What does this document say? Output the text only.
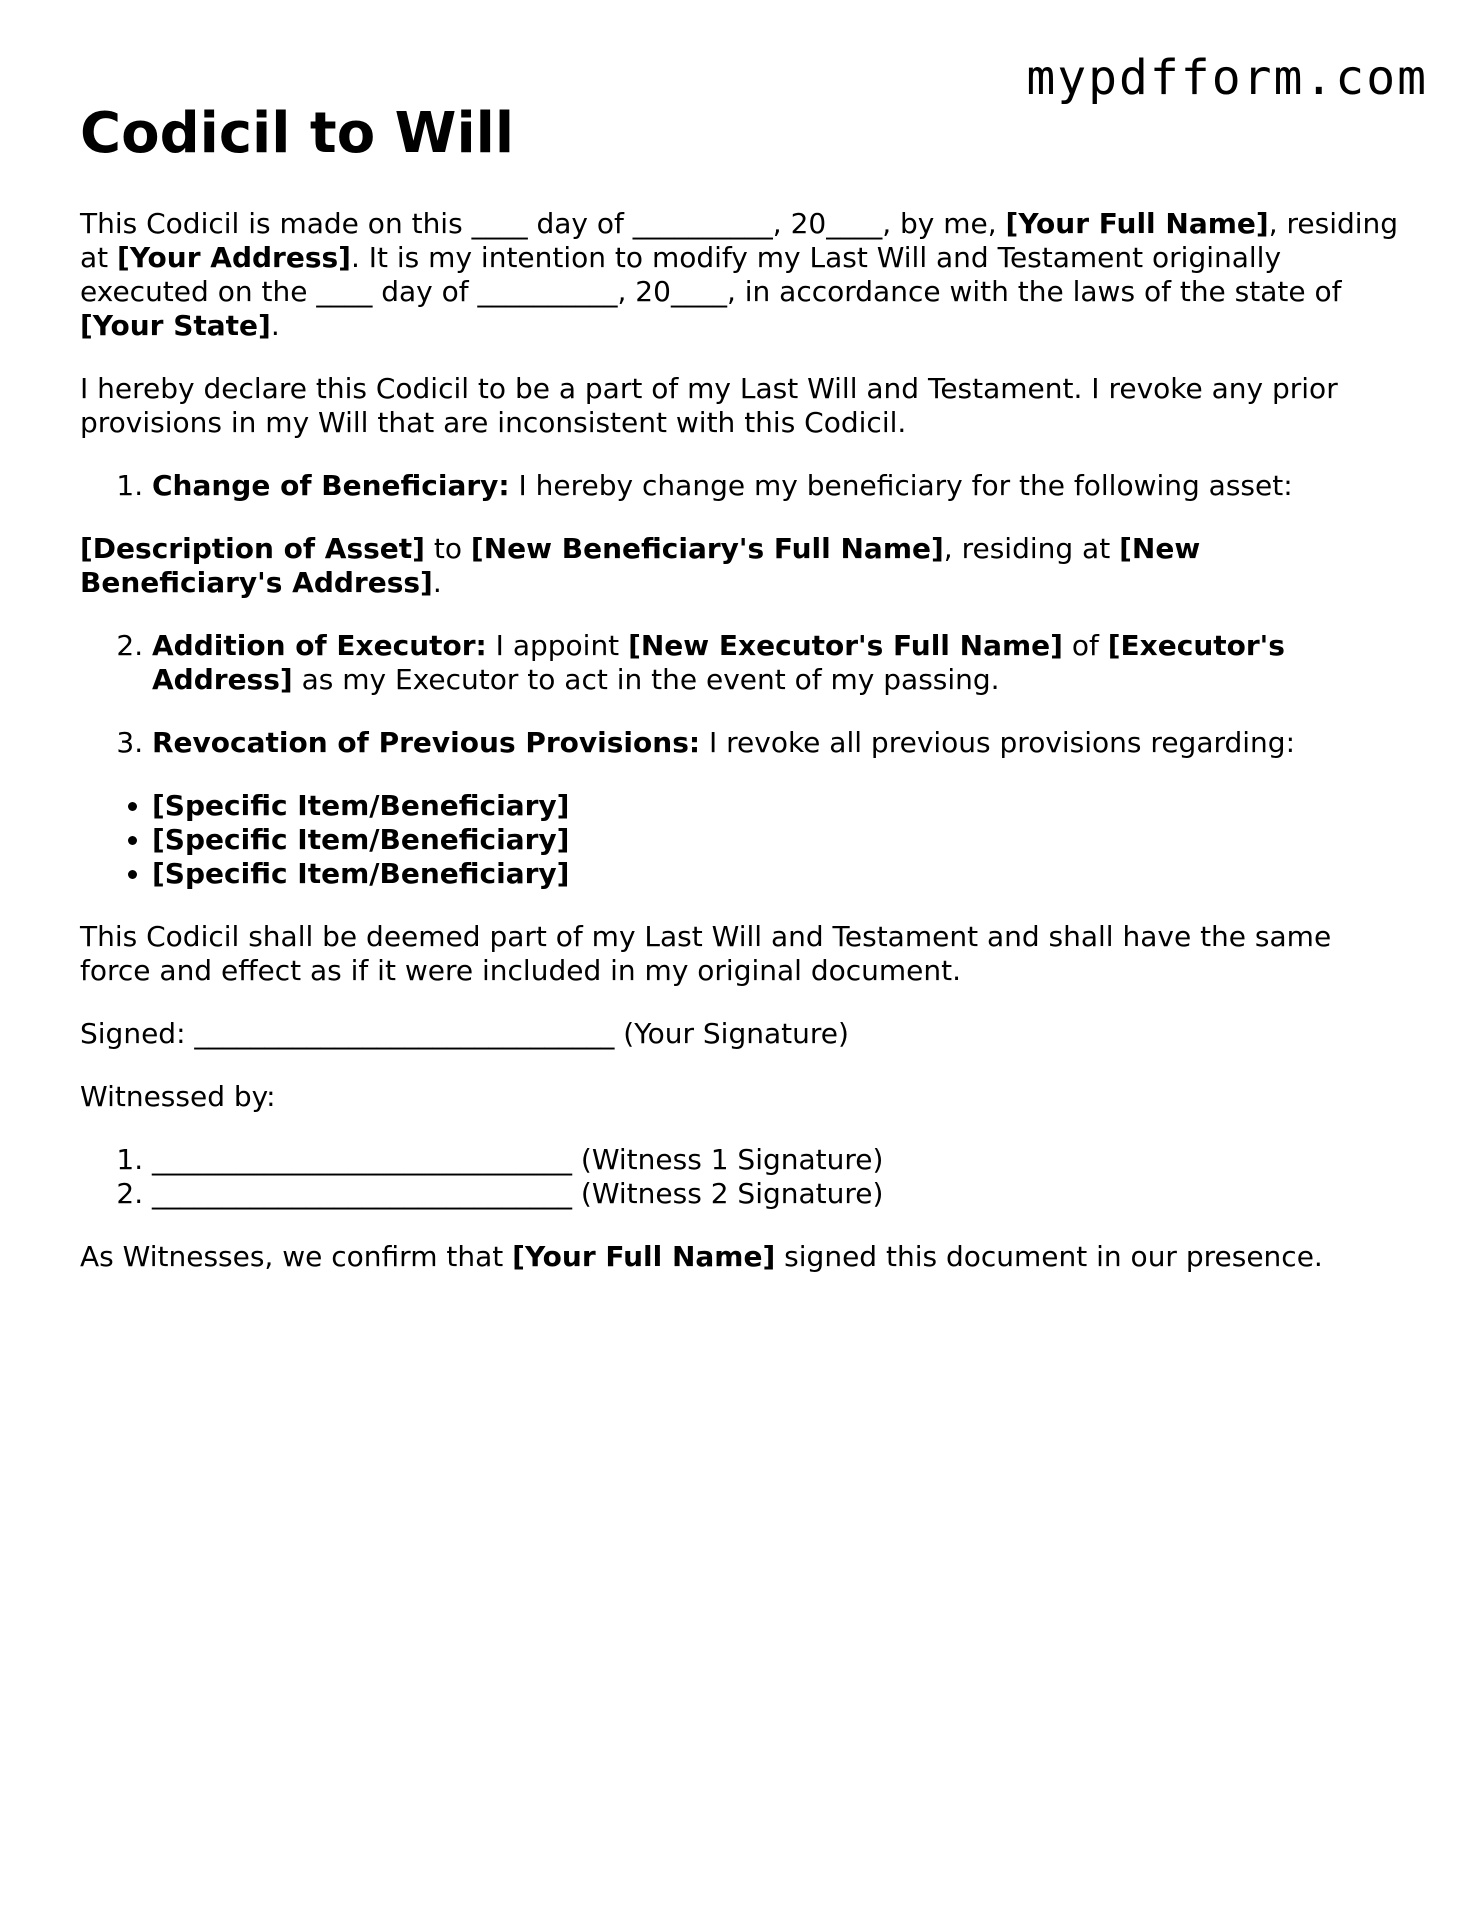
mypdfform.com
Codicil to Will

This Codicil is made on this ____ day of __________, 20____, by me, [Your Full Name], residing at [Your Address]. It is my intention to modify my Last Will and Testament originally executed on the ____ day of __________, 20____, in accordance with the laws of the state of [Your State].

I hereby declare this Codicil to be a part of my Last Will and Testament. I revoke any prior provisions in my Will that are inconsistent with this Codicil.

1. Change of Beneficiary: I hereby change my beneficiary for the following asset:

[Description of Asset] to [New Beneficiary's Full Name], residing at [New Beneficiary's Address].

2. Addition of Executor: I appoint [New Executor's Full Name] of [Executor's Address] as my Executor to act in the event of my passing.
3. Revocation of Previous Provisions: I revoke all previous provisions regarding:
• [Specific Item/Beneficiary]
• [Specific Item/Beneficiary]
• [Specific Item/Beneficiary]

This Codicil shall be deemed part of my Last Will and Testament and shall have the same force and effect as if it were included in my original document.

Signed: ______________________________ (Your Signature)

Witnessed by:

1. ______________________________ (Witness 1 Signature)
2. ______________________________ (Witness 2 Signature)

As Witnesses, we confirm that [Your Full Name] signed this document in our presence.
